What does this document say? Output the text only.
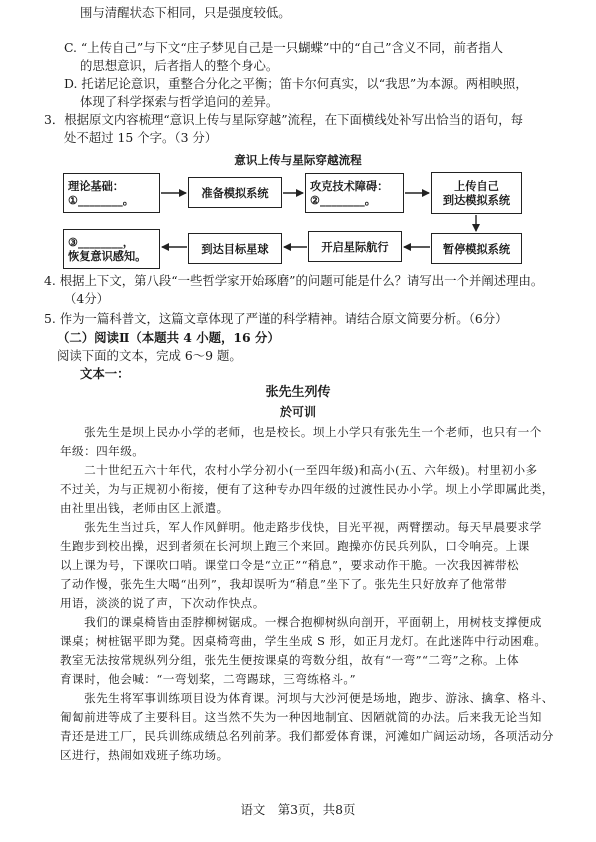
围与清醒状态下相同，只是强度较低。
C. “上传自己”与下文“庄子梦见自己是一只蝴蝶”中的“自己”含义不同，前者指人
的思想意识，后者指人的整个身心。
D. 托诺尼论意识，重整合分化之平衡；笛卡尔何真实，以“我思”为本源。两相映照，
体现了科学探索与哲学追问的差异。
3．根据原文内容梳理“意识上传与星际穿越”流程，在下面横线处补写出恰当的语句，每
处不超过 15 个字。（3 分）
意识上传与星际穿越流程
理论基础：
①________。
准备模拟系统	攻克技术障碍：
②________。
上传自己
到达模拟系统
暂停模拟系统
开启星际航行
到达目标星球
③________，
恢复意识感知。
4. 根据上下文，第八段“一些哲学家开始琢磨”的问题可能是什么？请写出一个并阐述理由。
（4分）
5. 作为一篇科普文，这篇文章体现了严谨的科学精神。请结合原文简要分析。（6分）
（二）阅读Ⅱ（本题共 4 小题，16 分）
阅读下面的文本，完成 6～9 题。
文本一：
张先生列传
於可训
　　张先生是坝上民办小学的老师，也是校长。坝上小学只有张先生一个老师，也只有一个
年级：四年级。
　　二十世纪五六十年代，农村小学分初小(一至四年级)和高小(五、六年级)。村里初小多
不过关，为与正规初小衔接，便有了这种专办四年级的过渡性民办小学。坝上小学即属此类，
由社里出钱，老师由区上派遣。
　　张先生当过兵，军人作风鲜明。他走路步伐快，目光平视，两臂摆动。每天早晨要求学
生跑步到校出操，迟到者须在长河坝上跑三个来回。跑操亦仿民兵列队，口令响亮。上课
以上课为号，下课吹口哨。课堂口令是“立正”“稍息”，要求动作干脆。一次我因裤带松
了动作慢，张先生大喝“出列”，我却误听为“稍息”坐下了。张先生只好放弃了他常带
用语，淡淡的说了声，下次动作快点。
　　我们的课桌椅皆由歪脖柳树锯成。一棵合抱柳树纵向剖开，平面朝上，用树枝支撑便成
课桌；树桩锯平即为凳。因桌椅弯曲，学生坐成 S 形，如正月龙灯。在此迷阵中行动困难。
教室无法按常规纵列分组，张先生便按课桌的弯数分组，故有“一弯”“二弯”之称。上体
育课时，他会喊：“一弯划桨，二弯踢球，三弯练格斗。”
　　张先生将军事训练项目设为体育课。河坝与大沙河便是场地，跑步、游泳、擒拿、格斗、
匍匐前进等成了主要科目。这当然不失为一种因地制宜、因陋就简的办法。后来我无论当知
青还是进工厂，民兵训练成绩总名列前茅。我们都爱体育课，河滩如广阔运动场，各项活动分
区进行，热闹如戏班子练功场。
语文　第3页，共8页
